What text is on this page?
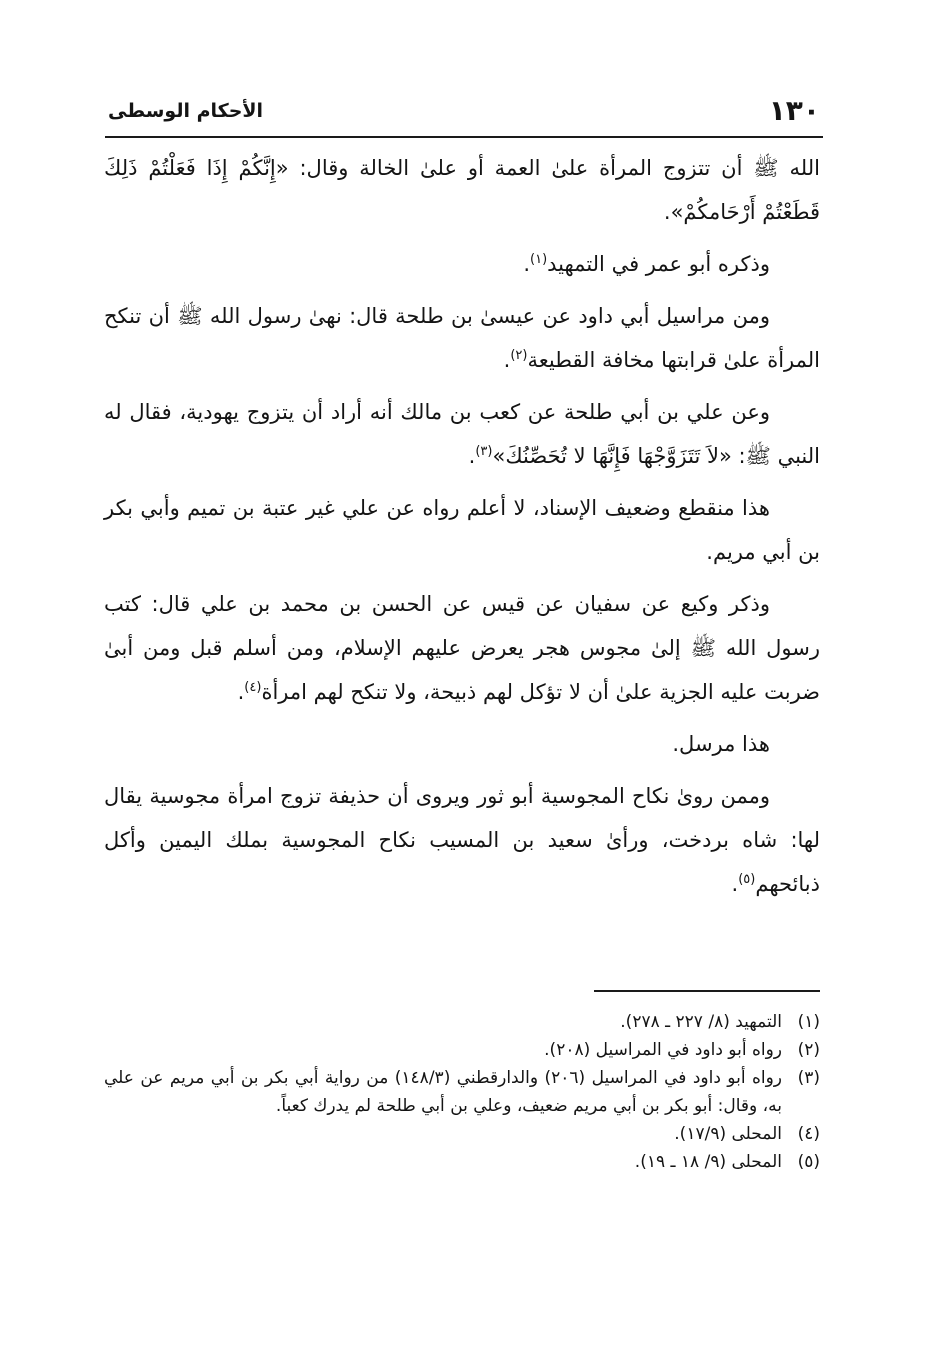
١٣٠
الأحكام الوسطى

الله ﷺ أن تتزوج المرأة علىٰ العمة أو علىٰ الخالة وقال: «إِنَّكُمْ إِذَا فَعَلْتُمْ ذَلِكَ قَطَعْتُمْ أَرْحَامكُمْ».

وذكره أبو عمر في التمهيد$^{(١)}$.

ومن مراسيل أبي داود عن عيسىٰ بن طلحة قال: نهىٰ رسول الله ﷺ أن تنكح المرأة علىٰ قرابتها مخافة القطيعة$^{(٢)}$.

وعن علي بن أبي طلحة عن كعب بن مالك أنه أراد أن يتزوج يهودية، فقال له النبي ﷺ: «لاَ تَتَزَوَّجْهَا فَإِنَّهَا لا تُحَصِّنُكَ»$^{(٣)}$.

هذا منقطع وضعيف الإسناد، لا أعلم رواه عن علي غير عتبة بن تميم وأبي بكر بن أبي مريم.

وذكر وكيع عن سفيان عن قيس عن الحسن بن محمد بن علي قال: كتب رسول الله ﷺ إلىٰ مجوس هجر يعرض عليهم الإسلام، ومن أسلم قبل ومن أبىٰ ضربت عليه الجزية علىٰ أن لا تؤكل لهم ذبيحة، ولا تنكح لهم امرأة$^{(٤)}$.

هذا مرسل.

وممن روىٰ نكاح المجوسية أبو ثور ويروى أن حذيفة تزوج امرأة مجوسية يقال لها: شاه بردخت، ورأىٰ سعيد بن المسيب نكاح المجوسية بملك اليمين وأكل ذبائحهم$^{(٥)}$.

(١)
التمهيد (٨/ ٢٢٧ ـ ٢٧٨).
(٢)
رواه أبو داود في المراسيل (٢٠٨).
(٣)
رواه أبو داود في المراسيل (٢٠٦) والدارقطني (١٤٨/٣) من رواية أبي بكر بن أبي مريم عن علي به، وقال: أبو بكر بن أبي مريم ضعيف، وعلي بن أبي طلحة لم يدرك كعباً.
(٤)
المحلى (١٧/٩).
(٥)
المحلى (٩/ ١٨ ـ ١٩).
